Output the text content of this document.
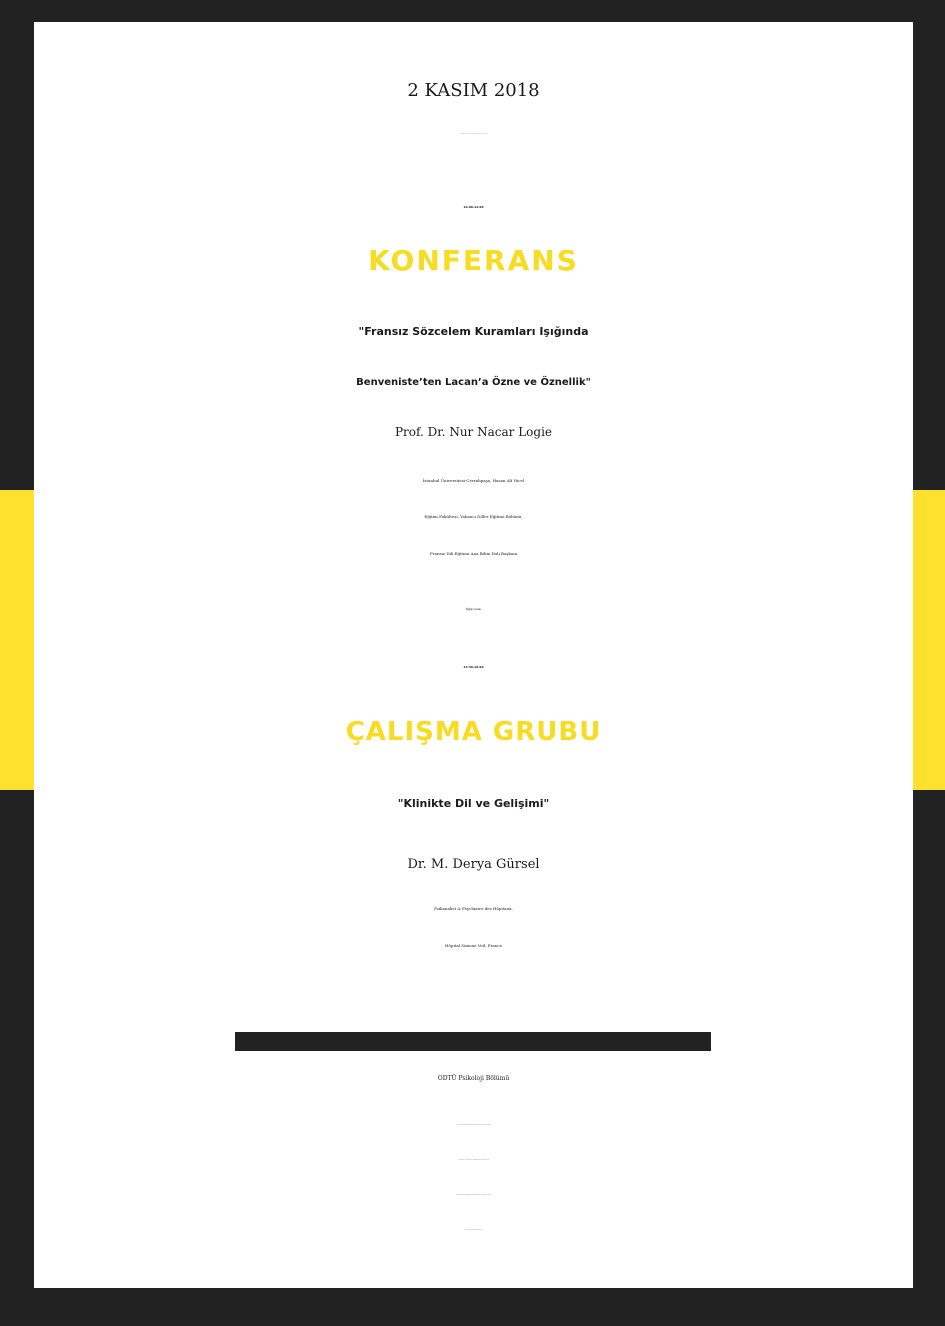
2 KASIM 2018
TEKNOKENT İKİZLER BİNASI KONFERANS SALONU
10.00-12.00
KONFERANS
"Fransız Sözcelem Kuramları Işığında
Benveniste’ten Lacan’a Özne ve Öznellik"
Prof. Dr. Nur Nacar Logie
İstanbul Üniversitesi-Cerrahpaşa, Hasan Ali Yücel
Eğitim Fakültesi, Yabancı Diller Eğitimi Bölümü,
Fransız Dili Eğitimi Ana Bilim Dalı Başkanı
Öğle Arası
13.30-16.00
ÇALIŞMA GRUBU
"Klinikte Dil ve Gelişimi"
Dr. M. Derya Gürsel
Psikanalist & Psychiatre des Hôpitaux,
Hôpital Simone Veil, France
ODTÜ Psikoloji Bölümü
Katılım ücretsizdir. Konferans herkesin katılımına açıktır. Çalışma
Grubuna ise Klinik Psikoloji Lisansüstü öğrencileri katılabilir.
lacanyensempozyum@gmail.com adresine isim ve iletişim bilgileri
ile kayıt yaptırmak gerekmektedir.
